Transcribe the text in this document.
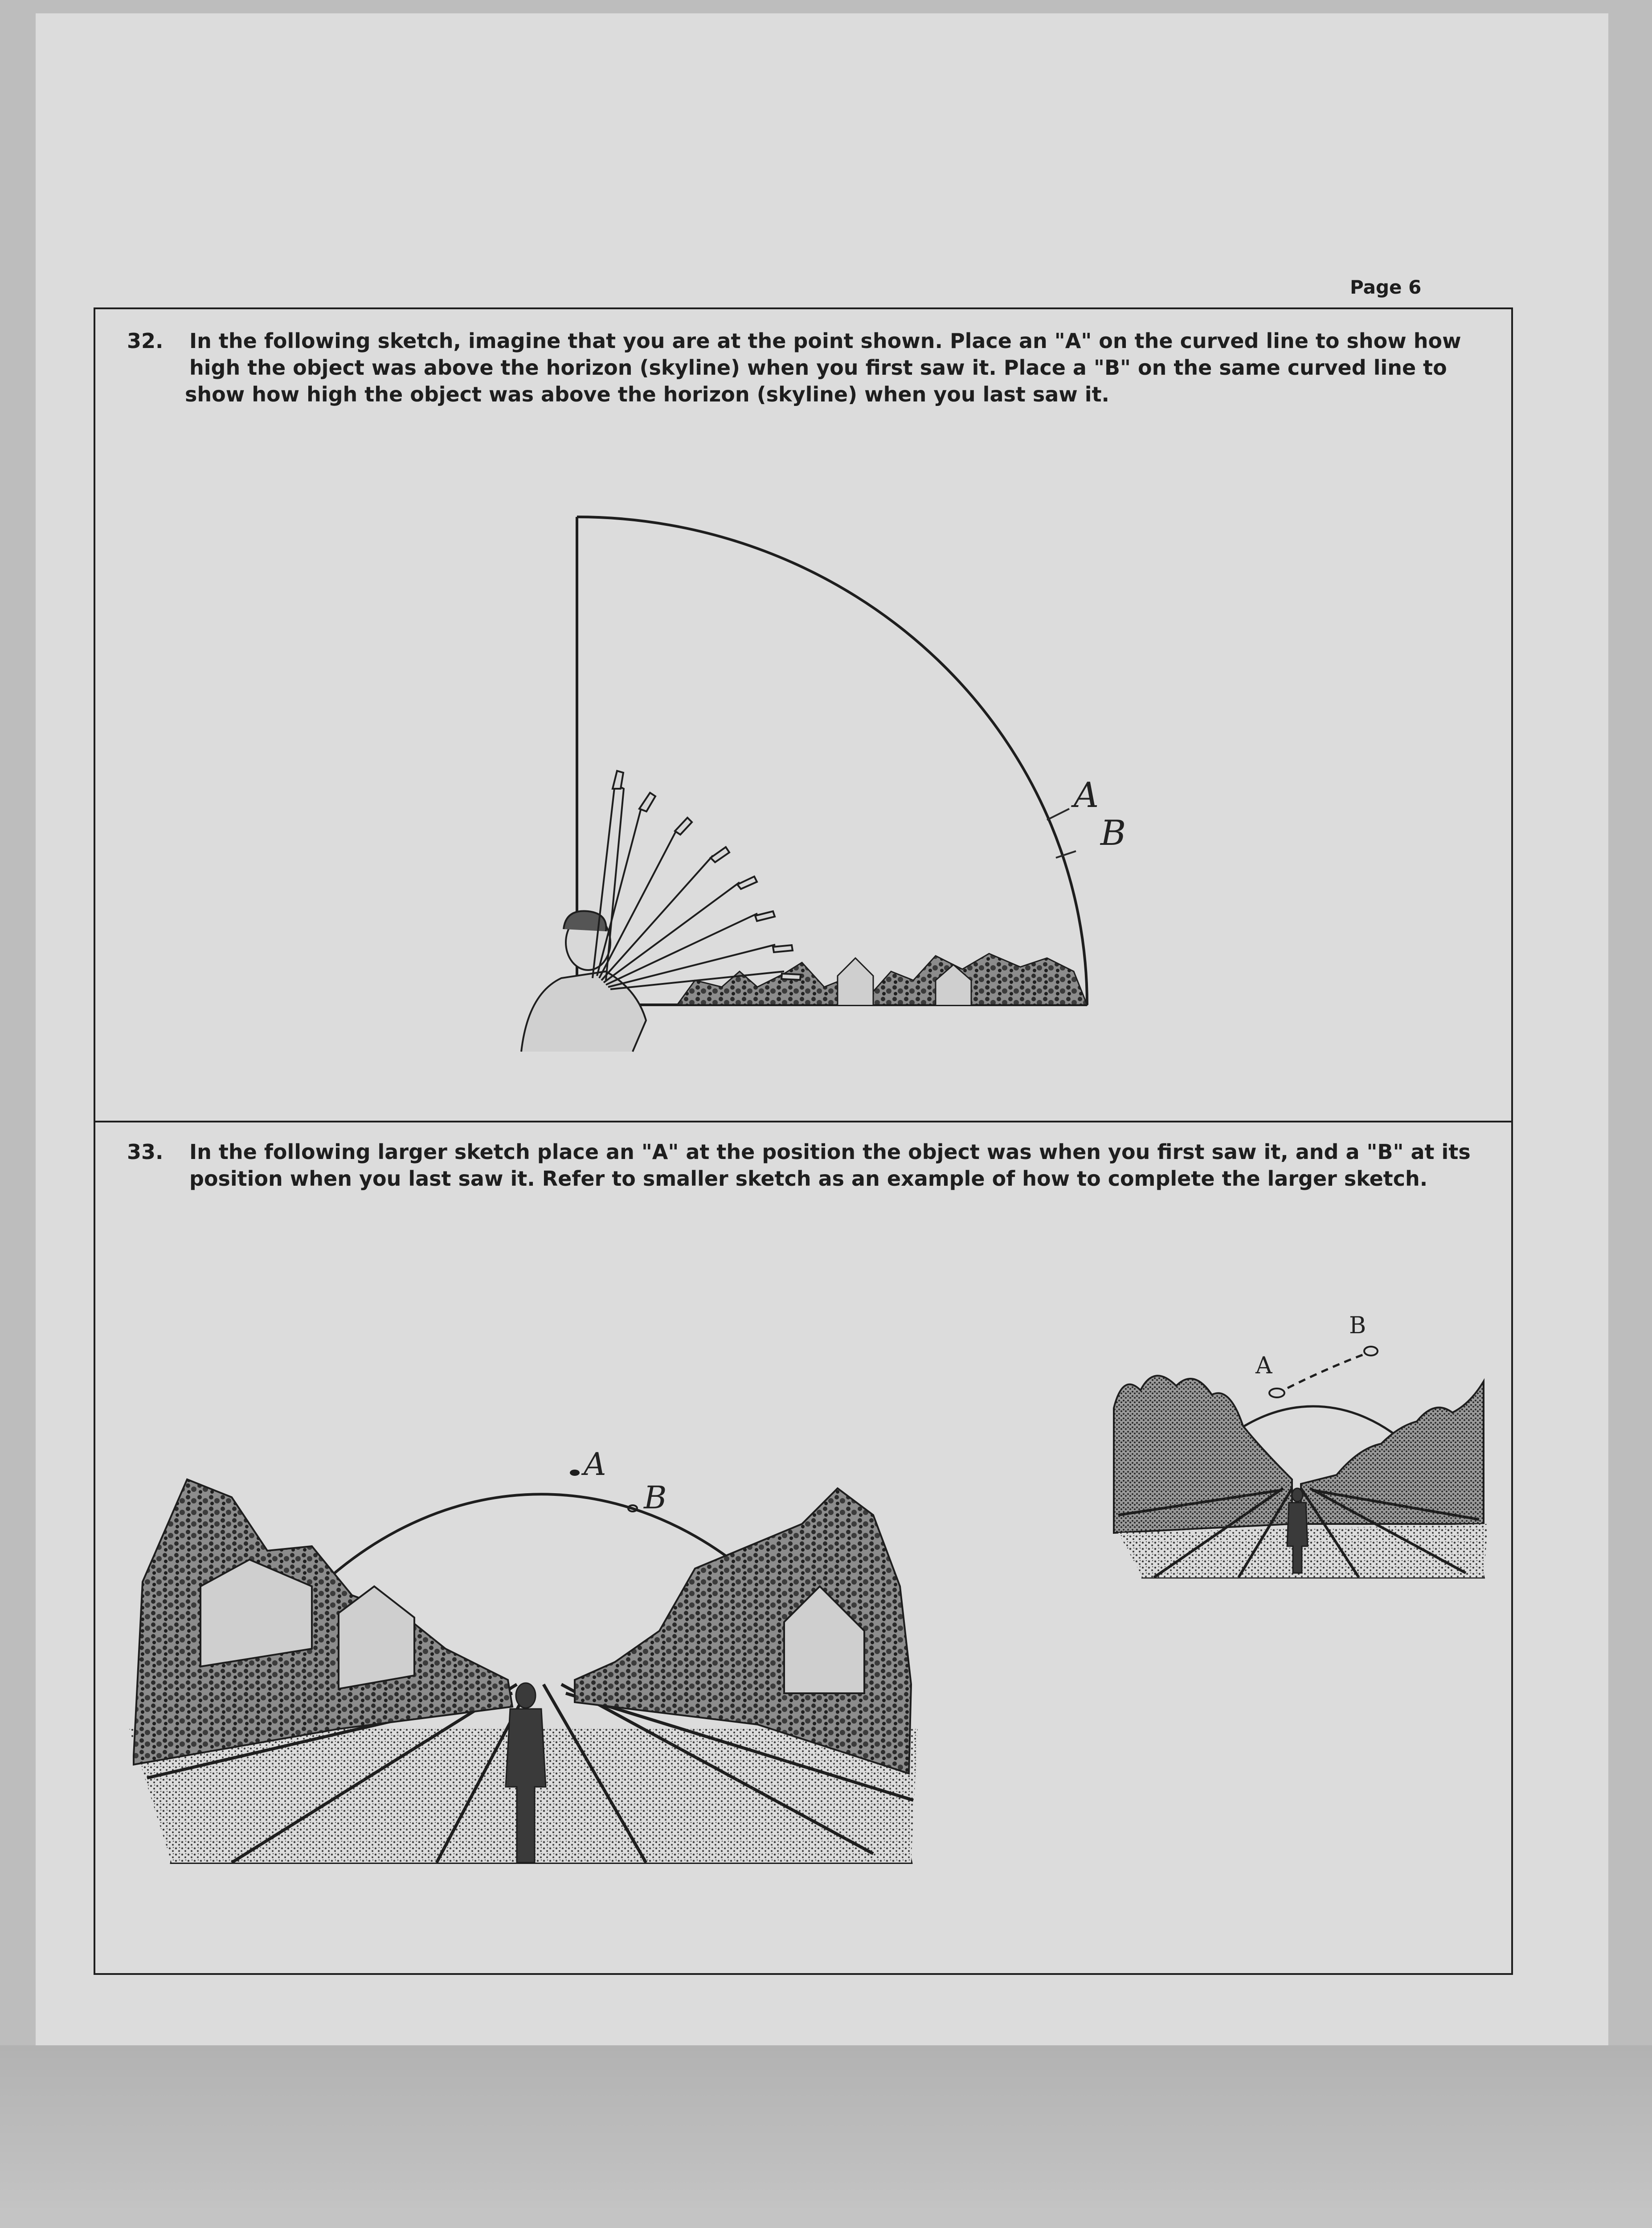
Page 6
32.	In the following sketch, imagine that you are at the point shown. Place an "A" on the curved line to show how

high the object was above the horizon (skyline) when you first saw it. Place a "B" on the same curved line to

show how high the object was above the horizon (skyline) when you last saw it.

33.	In the following larger sketch place an "A" at the position the object was when you first saw it, and a "B" at its

position when you last saw it. Refer to smaller sketch as an example of how to complete the larger sketch.

A
B
A
B
A
B
